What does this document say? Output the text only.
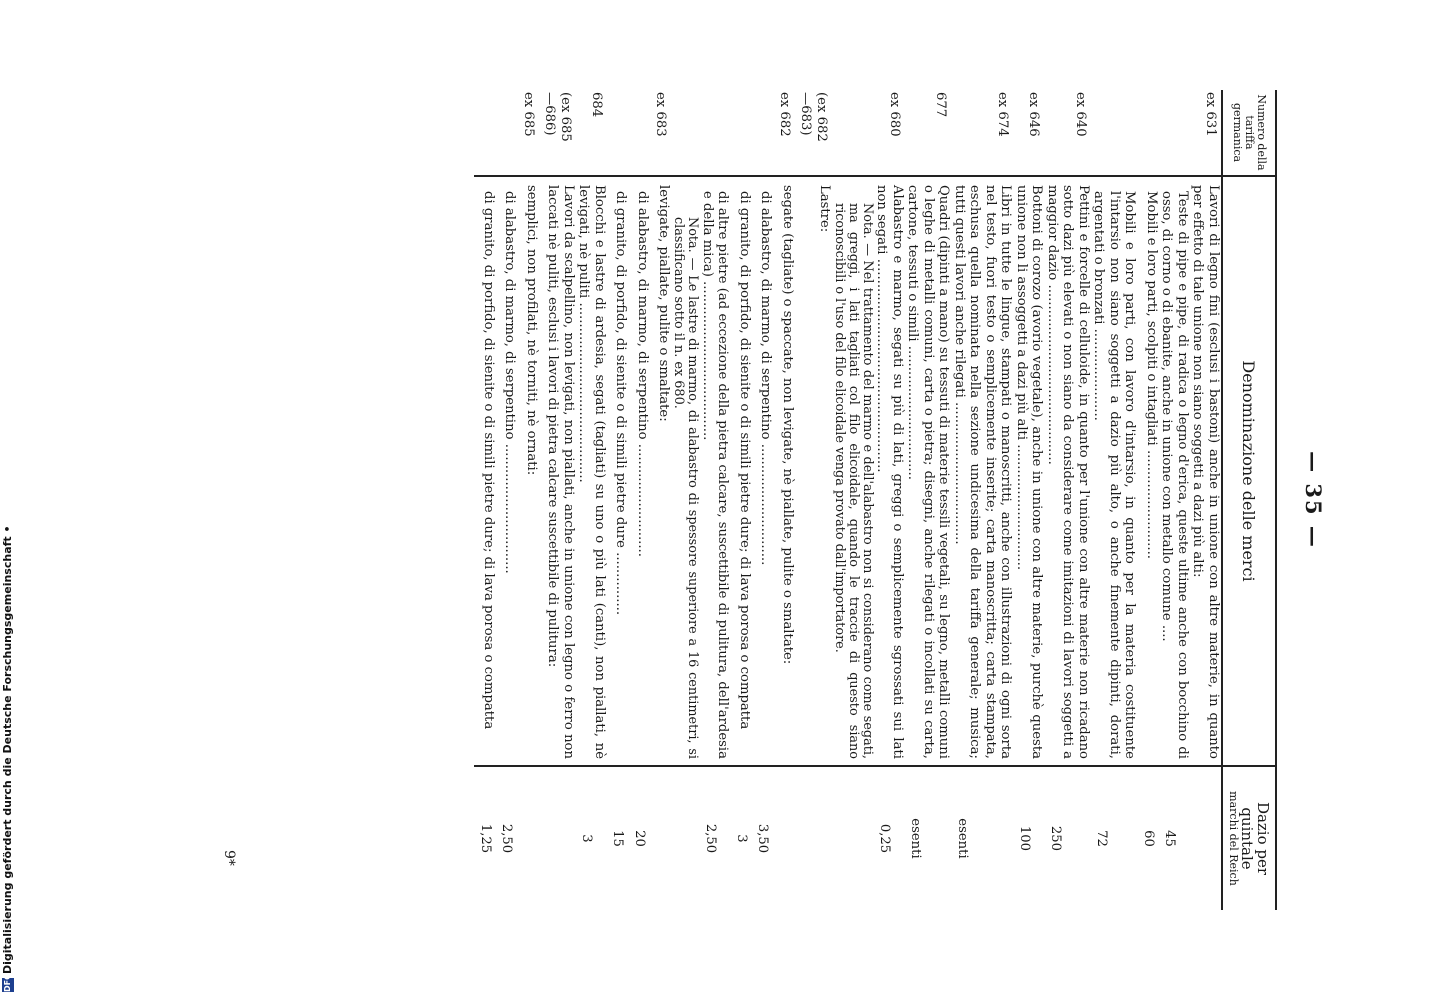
— 35 —
Numero della tariffa germanica	Denominazione delle merci	Dazio per quintale
marchi del Reich

ex 631	Lavori di legno fini (esclusi i bastoni) anche in unione con altre materie, in quanto per effetto di tale unione non siano soggetti a dazi più alti:	
	Teste di pipe e pipe, di radica o legno d'erica, queste ultime anche con bocchino di osso, di corno o di ebanite, anche in unione con metallo comune ....	45
	Mobili e loro parti, scolpiti o intagliati ..........................	60
	Mobili e loro parti, con lavoro d'intarsio, in quanto per la materia costituente l'intarsio non siano soggetti a dazio più alto, o anche finemente dipinti, dorati, argentati o bronzati ......................	72
ex 640	Pettini e forcelle di celluloide, in quanto per l'unione con altre materie non ricadano sotto dazi più elevati o non siano da considerare come imitazioni di lavori soggetti a maggior dazio ...........................................	250
ex 646	Bottoni di corozo (avorio vegetale), anche in unione con altre materie, purchè questa unione non li assoggetti a dazi più alti ..............................	100
ex 674	Libri in tutte le lingue, stampati o manoscritti, anche con illustrazioni di ogni sorta nel testo, fuori testo o semplicemente inserite; carta manoscritta; carta stampata, eschusa quella nominata nella sezione undicesima della tariffa generale; musica; tutti questi lavori anche rilegati ..................................	esenti
677	Quadri (dipinti a mano) su tessuti di materie tessili vegetali, su legno, metalli comuni o leghe di metalli comuni, carta o pietra; disegni, anche rilegati o incollati su carta, cartone, tessuti o simili ................................	esenti
ex 680	Alabastro e marmo, segati su più di lati, greggi o semplicemente sgrossati sui lati non segati ...................................................	0,25
	Nota. — Nel trattamento del marmo e dell'alabastro non si considerano come segati, ma greggi, i lati tagliati col filo elicoidale, quando le traccie di questo siano riconoscibili o l'uso del filo elicoidale venga provato dall'importatore.	
(ex 682
—683)	Lastre:	
ex 682	segate (tagliate) o spaccate, non levigate, nè piallate, pulite o smaltate:	
	di alabastro, di marmo, di serpentino .............................	3,50
	di granito, di porfido, di sienite o di simili pietre dure; di lava porosa o compatta	3
	di altre pietre (ad eccezione della pietra calcare, suscettibile di pulitura, dell'ardesia e della mica) ......................................	2,50
	Nota. — Le lastre di marmo, di alabastro di spessore superiore a 16 centimetri, si classificano sotto il n. ex 680.	
ex 683	levigate, piallate, pulite o smaltate:	
	di alabastro, di marmo, di serpentino ...........................	20
	di granito, di porfido, di sienite o di simili pietre dure ...............	15
684	Blocchi e lastre di ardesia, segati (tagliati) su uno o più lati (canti), non piallati, nè levigati, nè puliti ...........................................	3
(ex 685
—686)	Lavori da scalpellino, non levigati, non piallati, anche in unione con legno o ferro non laccati nè puliti, esclusi i lavori di pietra calcare suscettibile di pulitura:	
ex 685	semplici, non profilati, nè torniti, nè ornati:	
	di alabastro, di marmo, di serpentino ...............................	2,50
	di granito, di porfido, di sienite o di simili pietre dure; di lava porosa o compatta	1,25
9*
DFG
Digitalisierung gefördert durch die Deutsche Forschungsgemeinschaft •
